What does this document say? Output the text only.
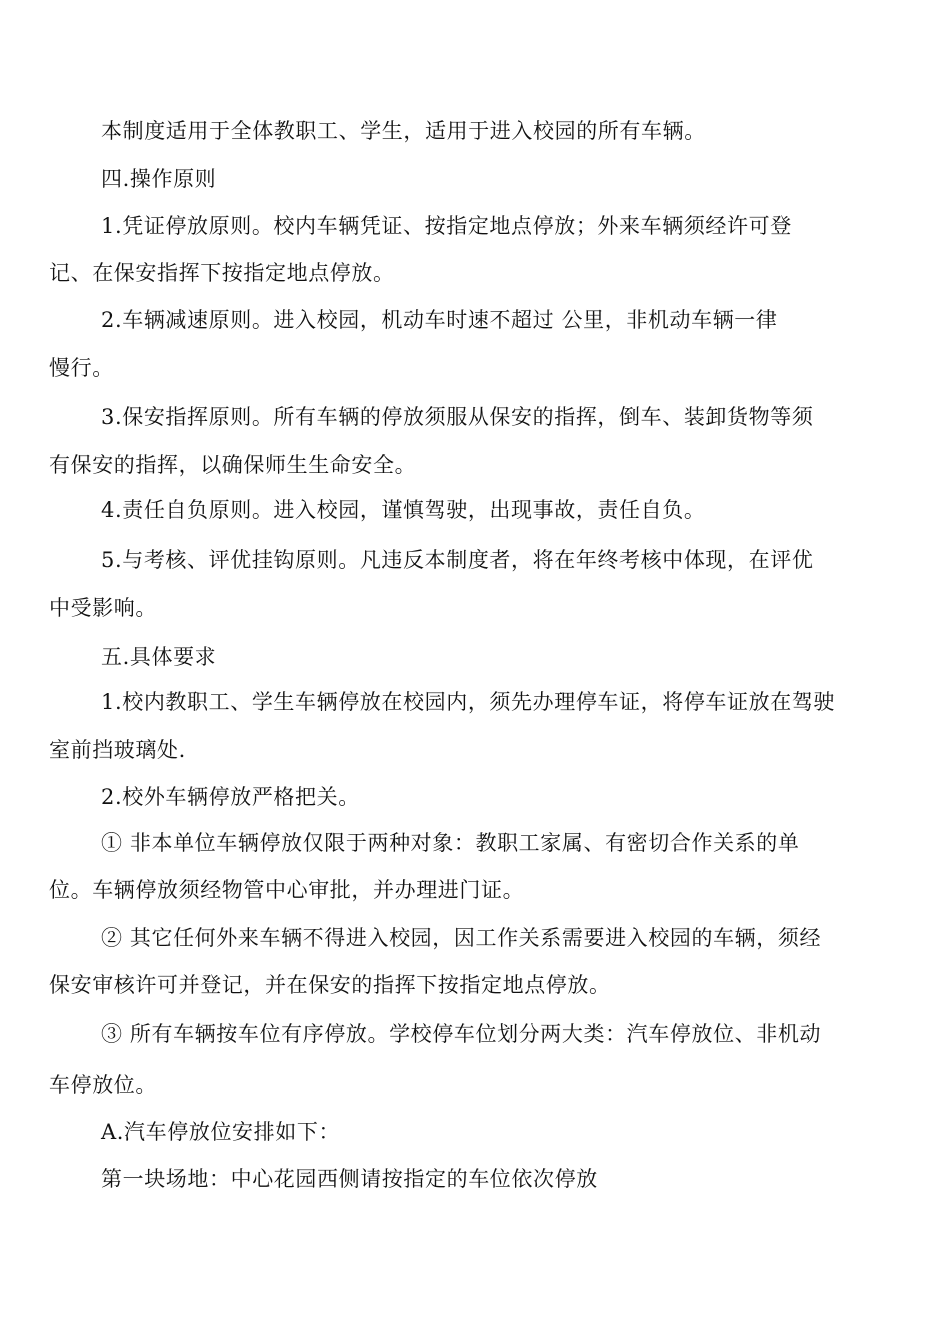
本制度适用于全体教职工、学生，适用于进入校园的所有车辆。
四.操作原则
1.凭证停放原则。校内车辆凭证、按指定地点停放；外来车辆须经许可登
记、在保安指挥下按指定地点停放。
2.车辆减速原则。进入校园，机动车时速不超过 公里，非机动车辆一律
慢行。
3.保安指挥原则。所有车辆的停放须服从保安的指挥，倒车、装卸货物等须
有保安的指挥，以确保师生生命安全。
4.责任自负原则。进入校园，谨慎驾驶，出现事故，责任自负。
5.与考核、评优挂钩原则。凡违反本制度者，将在年终考核中体现，在评优
中受影响。
五.具体要求
1.校内教职工、学生车辆停放在校园内，须先办理停车证，将停车证放在驾驶
室前挡玻璃处.
2.校外车辆停放严格把关。
① 非本单位车辆停放仅限于两种对象：教职工家属、有密切合作关系的单
位。车辆停放须经物管中心审批，并办理进门证。
② 其它任何外来车辆不得进入校园，因工作关系需要进入校园的车辆，须经
保安审核许可并登记，并在保安的指挥下按指定地点停放。
③ 所有车辆按车位有序停放。学校停车位划分两大类：汽车停放位、非机动
车停放位。
A.汽车停放位安排如下：
第一块场地：中心花园西侧请按指定的车位依次停放
